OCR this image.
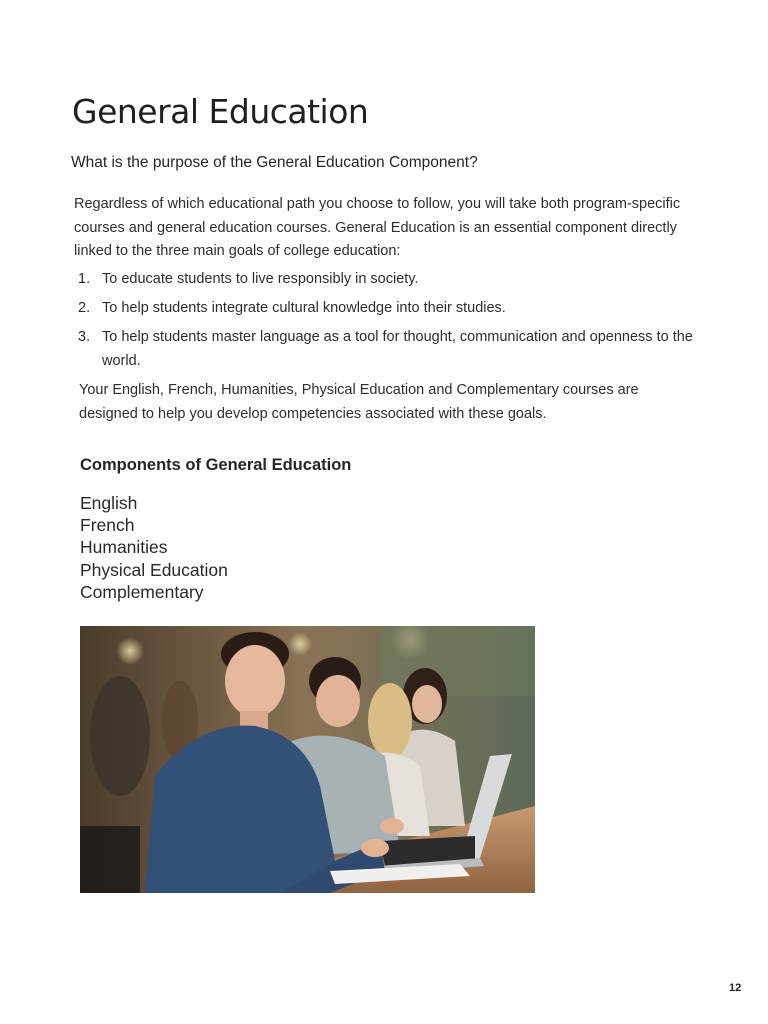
General Education
What is the purpose of the General Education Component?

Regardless of which educational path you choose to follow, you will take both program-specific courses and general education courses. General Education is an essential component directly linked to the three main goals of college education:

1. To educate students to live responsibly in society.
2. To help students integrate cultural knowledge into their studies.
3. To help students master language as a tool for thought, communication and openness to the world.

Your English, French, Humanities, Physical Education and Complementary courses are designed to help you develop competencies associated with these goals.

Components of General Education
English
French
Humanities
Physical Education
Complementary
12
